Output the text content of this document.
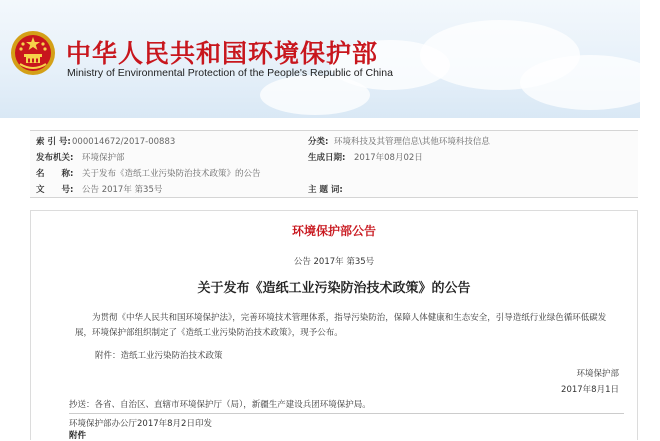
中华人民共和国环境保护部
Ministry of Environmental Protection of the People's Republic of China
索 引 号: 000014672/2017-00883	分类: 环境科技及其管理信息\其他环境科技信息
发布机关: 环境保护部	生成日期: 2017年08月02日
名　　称: 关于发布《造纸工业污染防治技术政策》的公告
文　　号: 公告 2017年 第35号	主 题 词:
环境保护部公告
公告 2017年 第35号
关于发布《造纸工业污染防治技术政策》的公告
为贯彻《中华人民共和国环境保护法》，完善环境技术管理体系，指导污染防治，保障人体健康和生态安全，引导造纸行业绿色循环低碳发展，环境保护部组织制定了《造纸工业污染防治技术政策》，现予公布。
附件：造纸工业污染防治技术政策
环境保护部
2017年8月1日
抄送：各省、自治区、直辖市环境保护厅（局），新疆生产建设兵团环境保护局。
环境保护部办公厅2017年8月2日印发
附件
